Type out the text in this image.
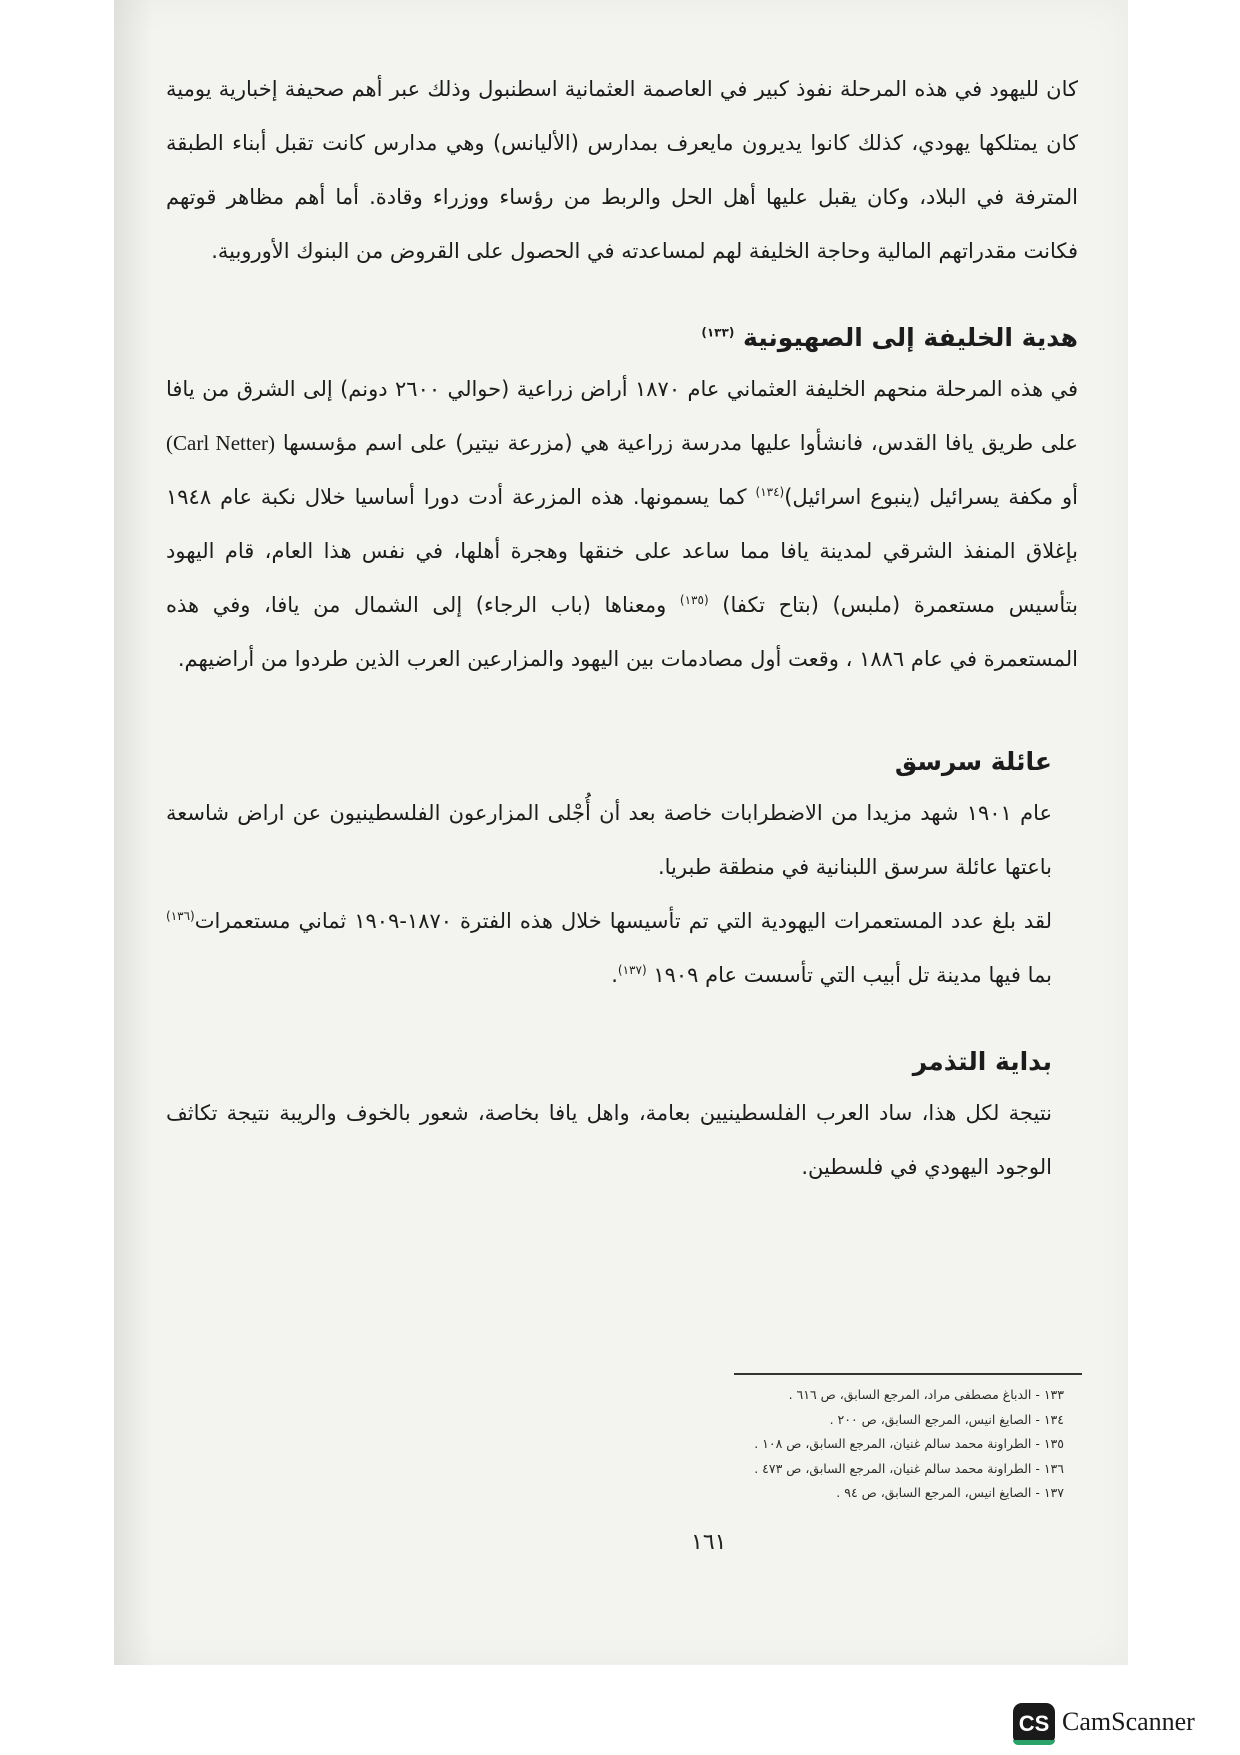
كان لليهود في هذه المرحلة نفوذ كبير في العاصمة العثمانية اسطنبول وذلك عبر أهم صحيفة إخبارية يومية كان يمتلكها يهودي، كذلك كانوا يديرون مايعرف بمدارس (الأليانس) وهي مدارس كانت تقبل أبناء الطبقة المترفة في البلاد، وكان يقبل عليها أهل الحل والربط من رؤساء ووزراء وقادة. أما أهم مظاهر قوتهم فكانت مقدراتهم المالية وحاجة الخليفة لهم لمساعدته في الحصول على القروض من البنوك الأوروبية.

هدية الخليفة إلى الصهيونية $^{(١٣٣)}$

في هذه المرحلة منحهم الخليفة العثماني عام ١٨٧٠ أراض زراعية (حوالي ٢٦٠٠ دونم) إلى الشرق من يافا على طريق يافا القدس، فانشأوا عليها مدرسة زراعية هي (مزرعة نيتير) على اسم مؤسسها (Carl Netter) أو مكفة يسرائيل (ينبوع اسرائيل)$^{(١٣٤)}$ كما يسمونها. هذه المزرعة أدت دورا أساسيا خلال نكبة عام ١٩٤٨ بإغلاق المنفذ الشرقي لمدينة يافا مما ساعد على خنقها وهجرة أهلها، في نفس هذا العام، قام اليهود بتأسيس مستعمرة (ملبس) (بتاح تكفا) $^{(١٣٥)}$ ومعناها (باب الرجاء) إلى الشمال من يافا، وفي هذه المستعمرة في عام ١٨٨٦ ، وقعت أول مصادمات بين اليهود والمزارعين العرب الذين طردوا من أراضيهم.

عائلة سرسق

عام ١٩٠١ شهد مزيدا من الاضطرابات خاصة بعد أن أُجْلى المزارعون الفلسطينيون عن اراض شاسعة باعتها عائلة سرسق اللبنانية في منطقة طبريا.

لقد بلغ عدد المستعمرات اليهودية التي تم تأسيسها خلال هذه الفترة ١٨٧٠-١٩٠٩ ثماني مستعمرات$^{(١٣٦)}$ بما فيها مدينة تل أبيب التي تأسست عام ١٩٠٩ $^{(١٣٧)}$.

بداية التذمر

نتيجة لكل هذا، ساد العرب الفلسطينيين بعامة، واهل يافا بخاصة، شعور بالخوف والريبة نتيجة تكاثف الوجود اليهودي في فلسطين.

١٣٣ - الدباغ مصطفى مراد، المرجع السابق، ص ٦١٦ .

١٣٤ - الصايغ انيس، المرجع السابق، ص ٢٠٠ .

١٣٥ - الطراونة محمد سالم غنيان، المرجع السابق، ص ١٠٨ .

١٣٦ - الطراونة محمد سالم غنيان، المرجع السابق، ص ٤٧٣ .

١٣٧ - الصايغ انيس، المرجع السابق، ص ٩٤ .

١٦١
CS CamScanner
